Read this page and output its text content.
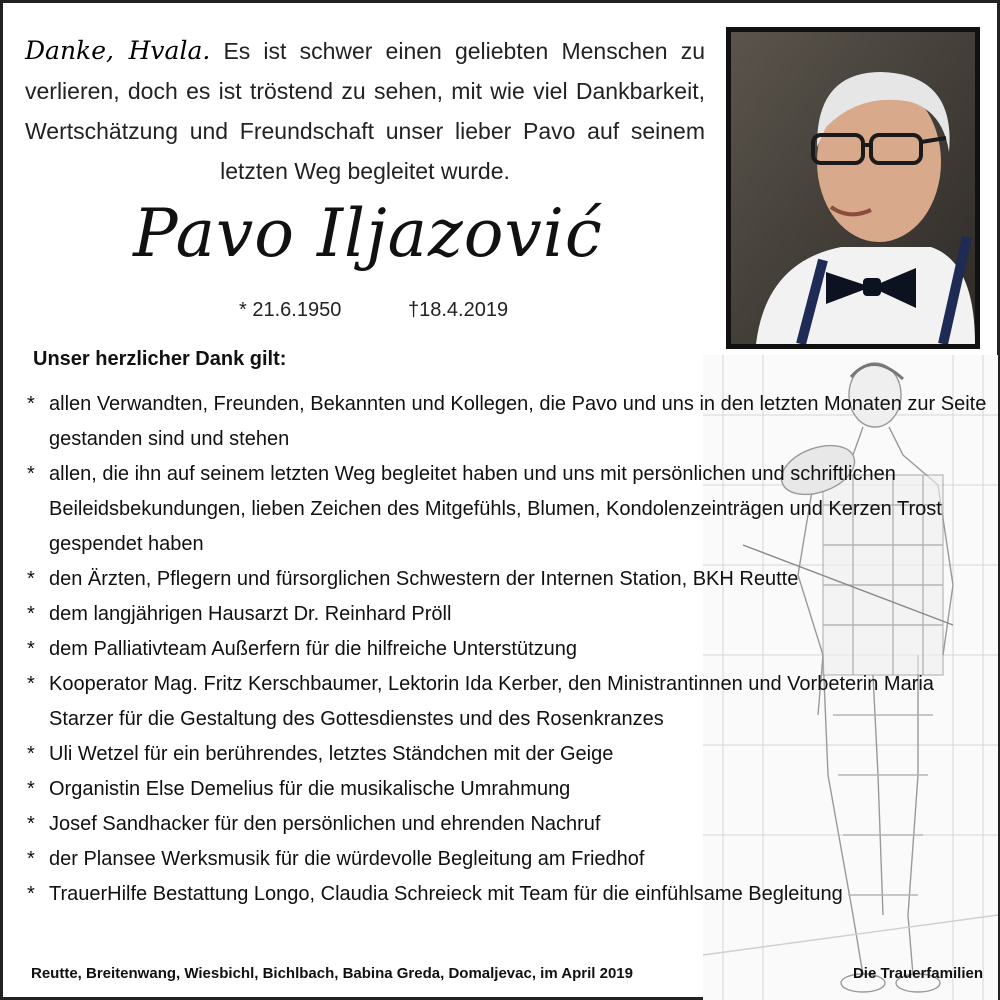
Danke, Hvala. Es ist schwer einen geliebten Menschen zu verlieren, doch es ist tröstend zu sehen, mit wie viel Dankbarkeit, Wertschätzung und Freundschaft unser lieber Pavo auf seinem letzten Weg begleitet wurde.
Pavo Iljazović
* 21.6.1950	†18.4.2019
Unser herzlicher Dank gilt:
* allen Verwandten, Freunden, Bekannten und Kollegen, die Pavo und uns in den letzten Monaten zur Seite gestanden sind und stehen
* allen, die ihn auf seinem letzten Weg begleitet haben und uns mit persönlichen und schriftlichen Beileidsbekundungen, lieben Zeichen des Mitgefühls, Blumen, Kondolenzeinträgen und Kerzen Trost gespendet haben
* den Ärzten, Pflegern und fürsorglichen Schwestern der Internen Station, BKH Reutte
* dem langjährigen Hausarzt Dr. Reinhard Pröll
* dem Palliativteam Außerfern für die hilfreiche Unterstützung
* Kooperator Mag. Fritz Kerschbaumer, Lektorin Ida Kerber, den Ministrantinnen und Vorbeterin Maria Starzer für die Gestaltung des Gottesdienstes und des Rosenkranzes
* Uli Wetzel für ein berührendes, letztes Ständchen mit der Geige
* Organistin Else Demelius für die musikalische Umrahmung
* Josef Sandhacker für den persönlichen und ehrenden Nachruf
* der Plansee Werksmusik für die würdevolle Begleitung am Friedhof
* TrauerHilfe Bestattung Longo, Claudia Schreieck mit Team für die einfühlsame Begleitung
Reutte, Breitenwang, Wiesbichl, Bichlbach, Babina Greda, Domaljevac, im April 2019	Die Trauerfamilien
